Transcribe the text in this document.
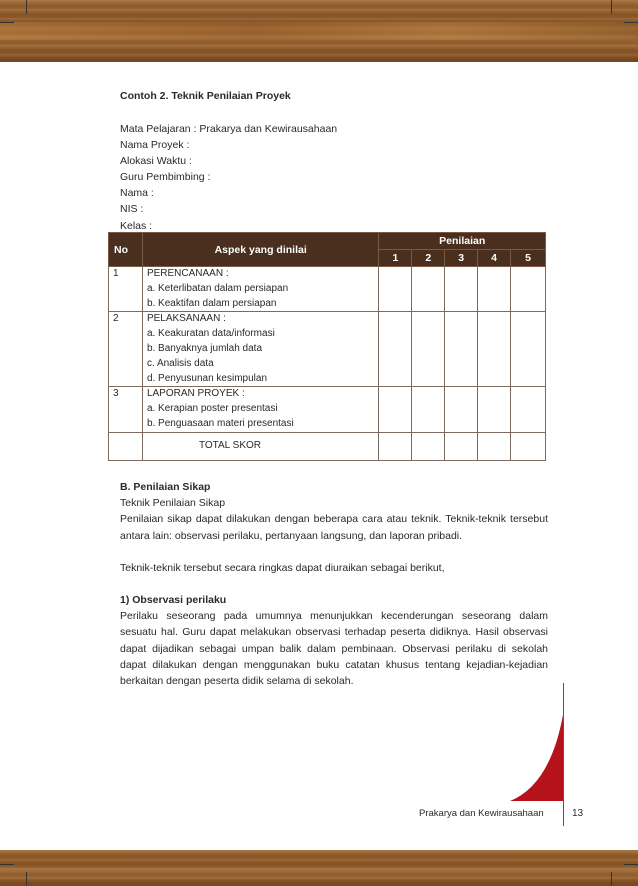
Contoh 2. Teknik Penilaian Proyek
Mata Pelajaran : Prakarya dan Kewirausahaan
Nama Proyek :
Alokasi Waktu :
Guru Pembimbing :
Nama :
NIS :
Kelas :
No	Aspek yang dinilai	Penilaian				
		1	2	3	4	5
1	PERENCANAAN :
a. Keterlibatan dalam persiapan
b. Keaktifan dalam persiapan					

2	PELAKSANAAN :
a. Keakuratan data/informasi
b. Banyaknya jumlah data
c. Analisis data
d. Penyusunan kesimpulan					

3	LAPORAN PROYEK :
a. Kerapian poster presentasi
b. Penguasaan materi presentasi					

	TOTAL SKOR					
B. Penilaian Sikap
Teknik Penilaian Sikap
Penilaian sikap dapat dilakukan dengan beberapa cara atau teknik. Teknik-teknik tersebut antara lain: observasi perilaku, pertanyaan langsung, dan laporan pribadi.
Teknik-teknik tersebut secara ringkas dapat diuraikan sebagai berikut,
1) Observasi perilaku
Perilaku seseorang pada umumnya menunjukkan kecenderungan seseorang dalam sesuatu hal. Guru dapat melakukan observasi terhadap peserta didiknya. Hasil observasi dapat dijadikan sebagai umpan balik dalam pembinaan. Observasi perilaku di sekolah dapat dilakukan dengan menggunakan buku catatan khusus tentang kejadian-kejadian berkaitan dengan peserta didik selama di sekolah.
Prakarya dan Kewirausahaan	13
